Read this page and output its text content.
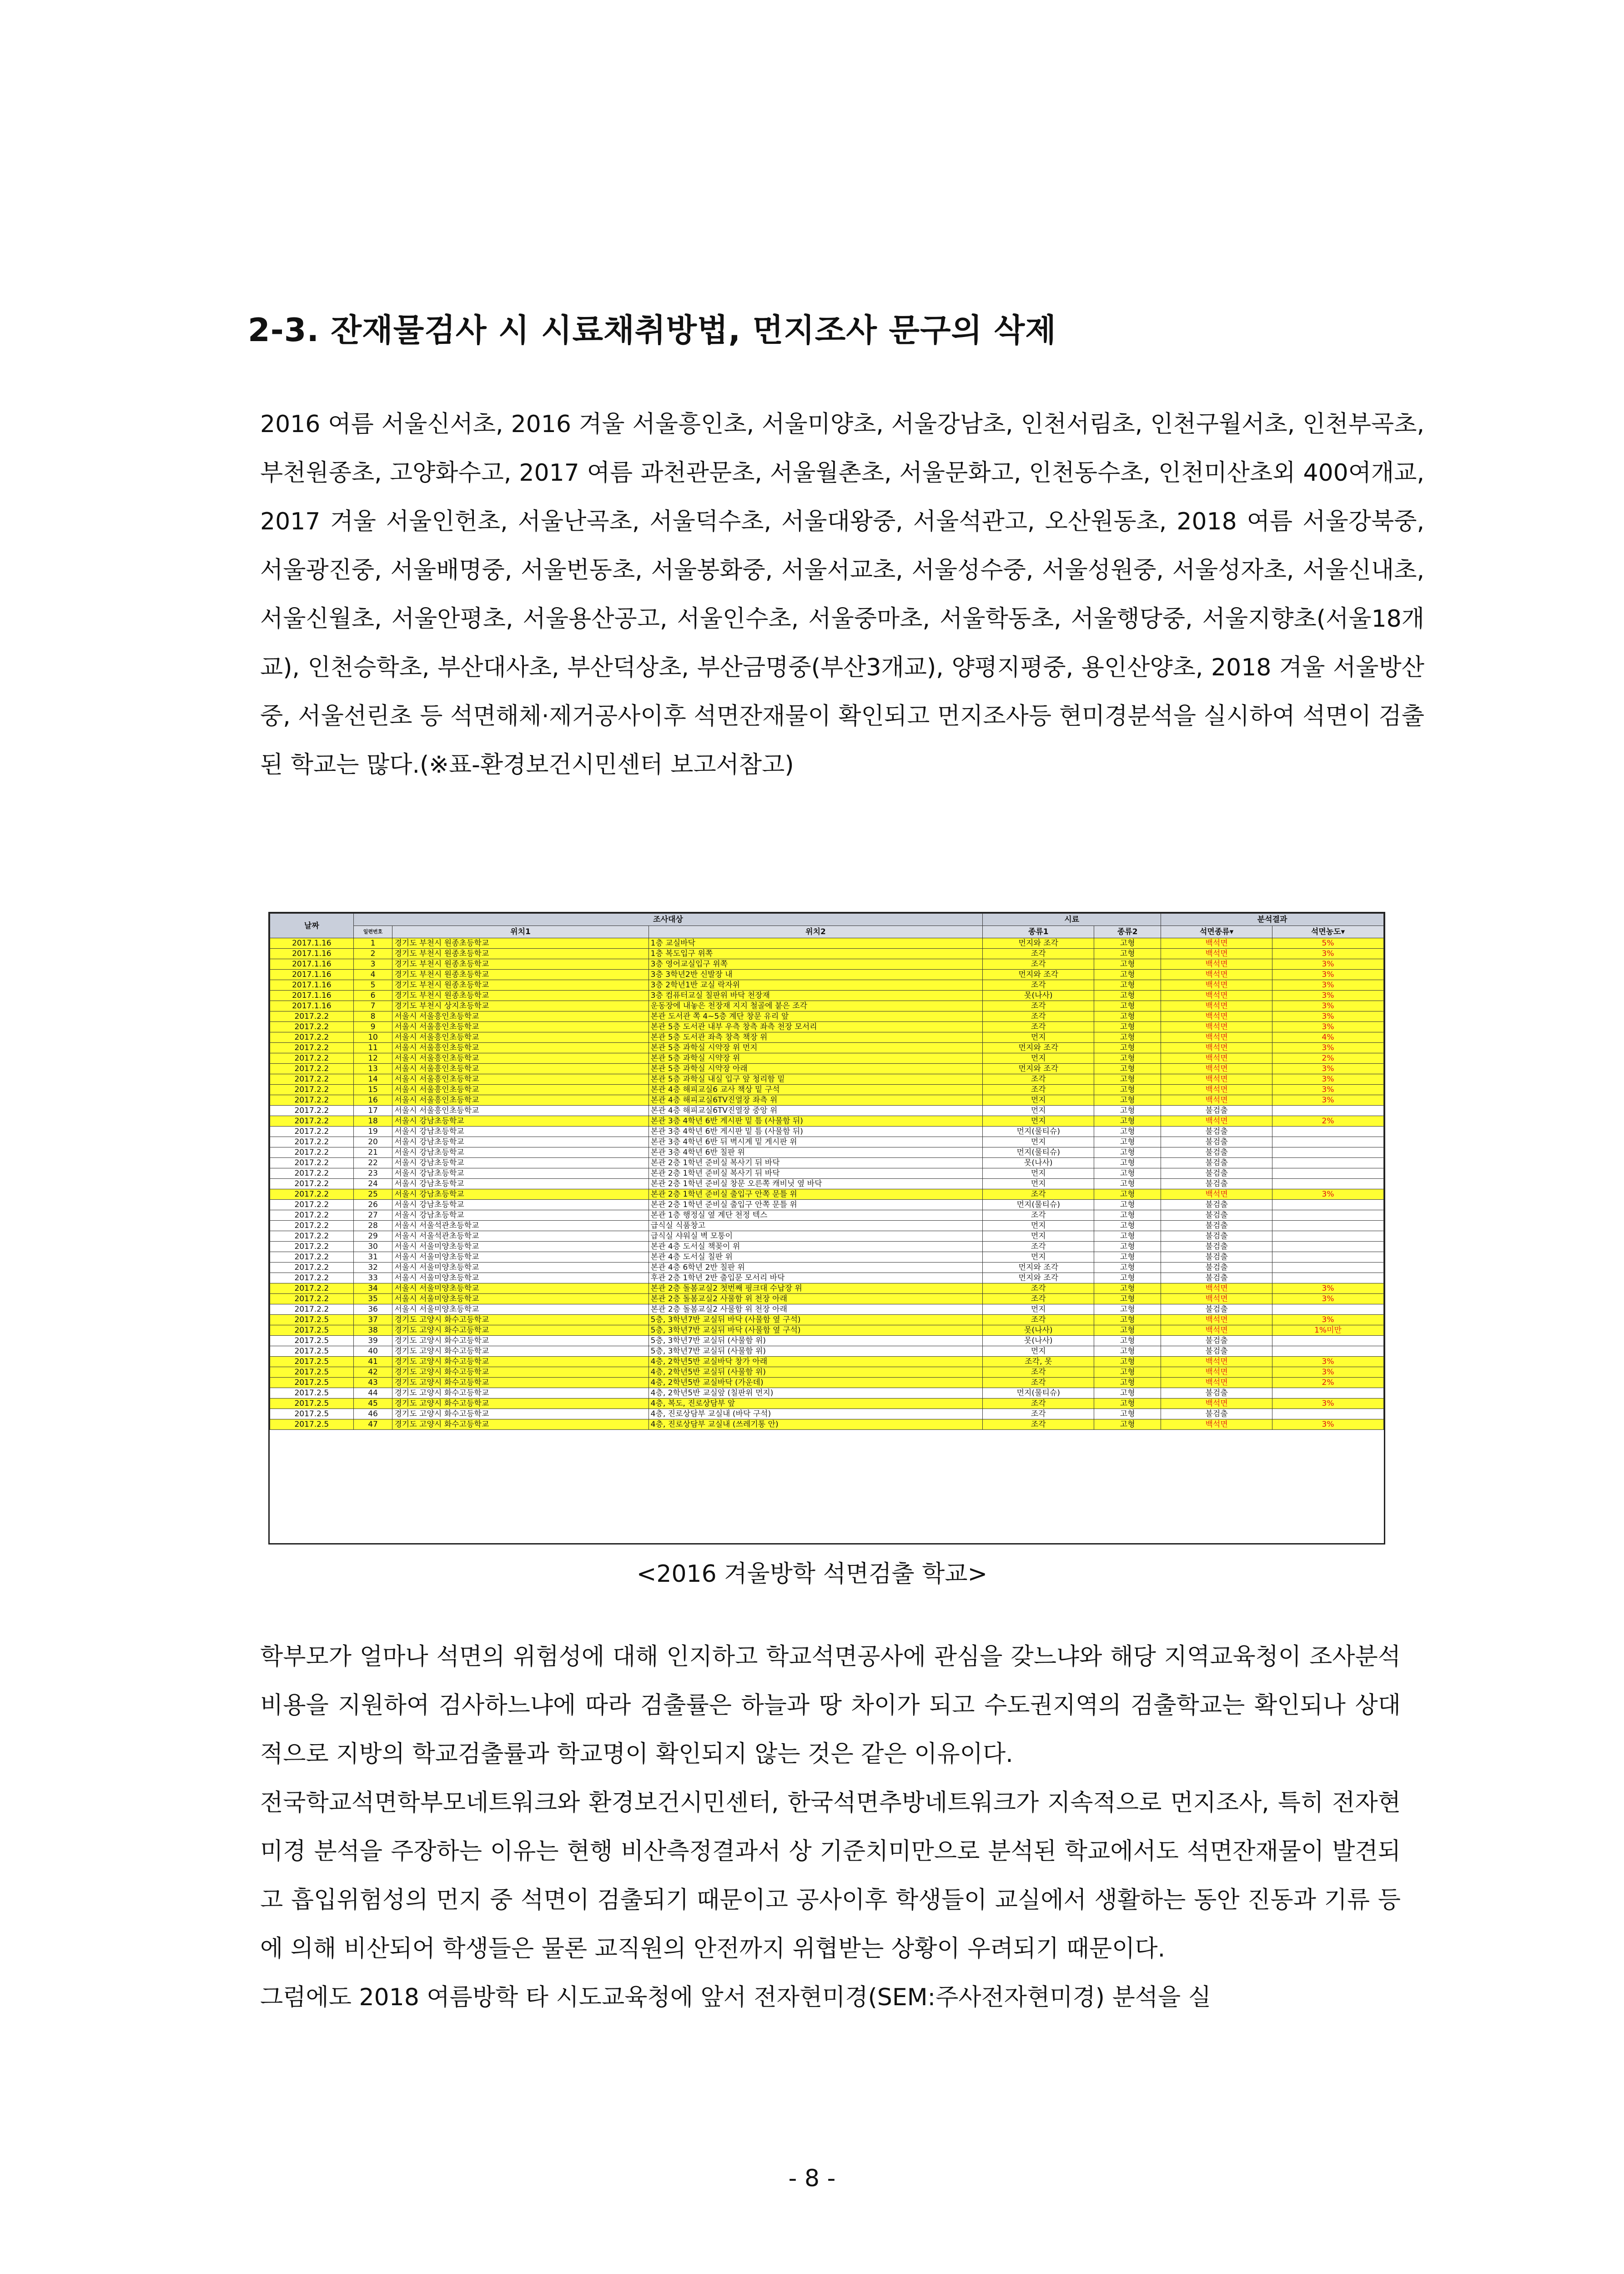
2-3. 잔재물검사 시 시료채취방법, 먼지조사 문구의 삭제

2016 여름 서울신서초, 2016 겨울 서울흥인초, 서울미양초, 서울강남초, 인천서림초, 인천구월서초, 인천부곡초, 부천원종초, 고양화수고, 2017 여름 과천관문초, 서울월촌초, 서울문화고, 인천동수초, 인천미산초외 400여개교, 2017 겨울 서울인헌초, 서울난곡초, 서울덕수초, 서울대왕중, 서울석관고, 오산원동초, 2018 여름 서울강북중, 서울광진중, 서울배명중, 서울번동초, 서울봉화중, 서울서교초, 서울성수중, 서울성원중, 서울성자초, 서울신내초, 서울신월초, 서울안평초, 서울용산공고, 서울인수초, 서울중마초, 서울학동초, 서울행당중, 서울지향초(서울18개교), 인천승학초, 부산대사초, 부산덕상초, 부산금명중(부산3개교), 양평지평중, 용인산양초, 2018 겨울 서울방산중, 서울선린초 등 석면해체·제거공사이후 석면잔재물이 확인되고 먼지조사등 현미경분석을 실시하여 석면이 검출된 학교는 많다.(※표-환경보건시민센터 보고서참고)

날짜	조사대상			시료		분석결과	
	일련번호	위치1	위치2	종류1	종류2	석면종류▾	석면농도▾
2017.1.16	1	경기도 부천시 원종초등학교	1층 교실바닥	먼지와 조각	고형	백석면	5%
2017.1.16	2	경기도 부천시 원종초등학교	1층 복도입구 위쪽	조각	고형	백석면	3%
2017.1.16	3	경기도 부천시 원종초등학교	3층 영어교실입구 위쪽	조각	고형	백석면	3%
2017.1.16	4	경기도 부천시 원종초등학교	3층 3학년2반 신발장 내	먼지와 조각	고형	백석면	3%
2017.1.16	5	경기도 부천시 원종초등학교	3층 2학년1반 교실 락자위	조각	고형	백석면	3%
2017.1.16	6	경기도 부천시 원종초등학교	3층 컴퓨터교실 칠판위 바닥 천장재	못(나사)	고형	백석면	3%
2017.1.16	7	경기도 부천시 상지초등학교	운동장에 내놓은 천장재 지지 철골에 붙은 조각	조각	고형	백석면	3%
2017.2.2	8	서울시 서울흥인초등학교	본관 도서관 쪽 4~5층 계단 창문 유리 앞	조각	고형	백석면	3%
2017.2.2	9	서울시 서울흥인초등학교	본관 5층 도서관 내부 우측 창측 좌측 천장 모서리	조각	고형	백석면	3%
2017.2.2	10	서울시 서울흥인초등학교	본관 5층 도서관 좌측 창측 책장 위	먼지	고형	백석면	4%
2017.2.2	11	서울시 서울흥인초등학교	본관 5층 과학실 시약장 위 먼지	먼지와 조각	고형	백석면	3%
2017.2.2	12	서울시 서울흥인초등학교	본관 5층 과학실 시약장 위	먼지	고형	백석면	2%
2017.2.2	13	서울시 서울흥인초등학교	본관 5층 과학실 시약장 아래	먼지와 조각	고형	백석면	3%
2017.2.2	14	서울시 서울흥인초등학교	본관 5층 과학실 내실 입구 앞 청리함 밑	조각	고형	백석면	3%
2017.2.2	15	서울시 서울흥인초등학교	본관 4층 해피교실6 교사 책상 밑 구석	조각	고형	백석면	3%
2017.2.2	16	서울시 서울흥인초등학교	본관 4층 해피교실6TV진열장 좌측 위	먼지	고형	백석면	3%
2017.2.2	17	서울시 서울흥인초등학교	본관 4층 해피교실6TV진열장 중앙 위	먼지	고형	불검출	
2017.2.2	18	서울시 강남초등학교	본관 3층 4학년 6반 게시판 밑 틈 (사물함 뒤)	먼지	고형	백석면	2%
2017.2.2	19	서울시 강남초등학교	본관 3층 4학년 6반 게시판 밑 틈 (사물함 뒤)	먼지(물티슈)	고형	불검출	
2017.2.2	20	서울시 강남초등학교	본관 3층 4학년 6반 뒤 벽시계 밑 게시판 위	먼지	고형	불검출	
2017.2.2	21	서울시 강남초등학교	본관 3층 4학년 6반 칠판 위	먼지(물티슈)	고형	불검출	
2017.2.2	22	서울시 강남초등학교	본관 2층 1학년 준비실 복사기 뒤 바닥	못(나사)	고형	불검출	
2017.2.2	23	서울시 강남초등학교	본관 2층 1학년 준비실 복사기 뒤 바닥	먼지	고형	불검출	
2017.2.2	24	서울시 강남초등학교	본관 2층 1학년 준비실 창문 오른쪽 캐비닛 옆 바닥	먼지	고형	불검출	
2017.2.2	25	서울시 강남초등학교	본관 2층 1학년 준비실 출입구 안쪽 문틀 위	조각	고형	백석면	3%
2017.2.2	26	서울시 강남초등학교	본관 2층 1학년 준비실 출입구 안쪽 문틀 위	먼지(물티슈)	고형	불검출	
2017.2.2	27	서울시 강남초등학교	본관 1층 행정실 옆 계단 천정 텍스	조각	고형	불검출	
2017.2.2	28	서울시 서울석관초등학교	급식실 식품창고	먼지	고형	불검출	
2017.2.2	29	서울시 서울석관초등학교	급식실 샤워실 벽 모퉁이	먼지	고형	불검출	
2017.2.2	30	서울시 서울미양초등학교	본관 4층 도서실 책꽂이 위	조각	고형	불검출	
2017.2.2	31	서울시 서울미양초등학교	본관 4층 도서실 칠판 위	먼지	고형	불검출	
2017.2.2	32	서울시 서울미양초등학교	본관 4층 6학년 2반 칠판 위	먼지와 조각	고형	불검출	
2017.2.2	33	서울시 서울미양초등학교	후관 2층 1학년 2반 출입문 모서리 바닥	먼지와 조각	고형	불검출	
2017.2.2	34	서울시 서울미양초등학교	본관 2층 돌봄교실2 첫번째 핑크대 수납장 위	조각	고형	백석면	3%
2017.2.2	35	서울시 서울미양초등학교	본관 2층 돌봄교실2 사물함 위 천장 아래	조각	고형	백석면	3%
2017.2.2	36	서울시 서울미양초등학교	본관 2층 돌봄교실2 사물함 위 천장 아래	먼지	고형	불검출	
2017.2.5	37	경기도 고양시 화수고등학교	5층, 3학년7반 교실뒤 바닥 (사물함 옆 구석)	조각	고형	백석면	3%
2017.2.5	38	경기도 고양시 화수고등학교	5층, 3학년7반 교실뒤 바닥 (사물함 옆 구석)	못(나사)	고형	백석면	1%미만
2017.2.5	39	경기도 고양시 화수고등학교	5층, 3학년7반 교실뒤 (사물함 위)	못(나사)	고형	불검출	
2017.2.5	40	경기도 고양시 화수고등학교	5층, 3학년7반 교실뒤 (사물함 위)	먼지	고형	불검출	
2017.2.5	41	경기도 고양시 화수고등학교	4층, 2학년5반 교실바닥 창가 아래	조각, 못	고형	백석면	3%
2017.2.5	42	경기도 고양시 화수고등학교	4층, 2학년5반 교실뒤 (사물함 위)	조각	고형	백석면	3%
2017.2.5	43	경기도 고양시 화수고등학교	4층, 2학년5반 교실바닥 (가운데)	조각	고형	백석면	2%
2017.2.5	44	경기도 고양시 화수고등학교	4층, 2학년5반 교실앞 (칠판위 먼지)	먼지(물티슈)	고형	불검출	
2017.2.5	45	경기도 고양시 화수고등학교	4층, 복도, 진로상담부 앞	조각	고형	백석면	3%
2017.2.5	46	경기도 고양시 화수고등학교	4층, 진로상담부 교실내 (바닥 구석)	조각	고형	불검출	
2017.2.5	47	경기도 고양시 화수고등학교	4층, 진로상담부 교실내 (쓰레기통 안)	조각	고형	백석면	3%

<2016 겨울방학 석면검출 학교>

학부모가 얼마나 석면의 위험성에 대해 인지하고 학교석면공사에 관심을 갖느냐와 해당 지역교육청이 조사분석비용을 지원하여 검사하느냐에 따라 검출률은 하늘과 땅 차이가 되고 수도권지역의 검출학교는 확인되나 상대적으로 지방의 학교검출률과 학교명이 확인되지 않는 것은 같은 이유이다.

전국학교석면학부모네트워크와 환경보건시민센터, 한국석면추방네트워크가 지속적으로 먼지조사, 특히 전자현미경 분석을 주장하는 이유는 현행 비산측정결과서 상 기준치미만으로 분석된 학교에서도 석면잔재물이 발견되고 흡입위험성의 먼지 중 석면이 검출되기 때문이고 공사이후 학생들이 교실에서 생활하는 동안 진동과 기류 등에 의해 비산되어 학생들은 물론 교직원의 안전까지 위협받는 상황이 우려되기 때문이다.

그럼에도 2018 여름방학 타 시도교육청에 앞서 전자현미경(SEM:주사전자현미경) 분석을 실

- 8 -
